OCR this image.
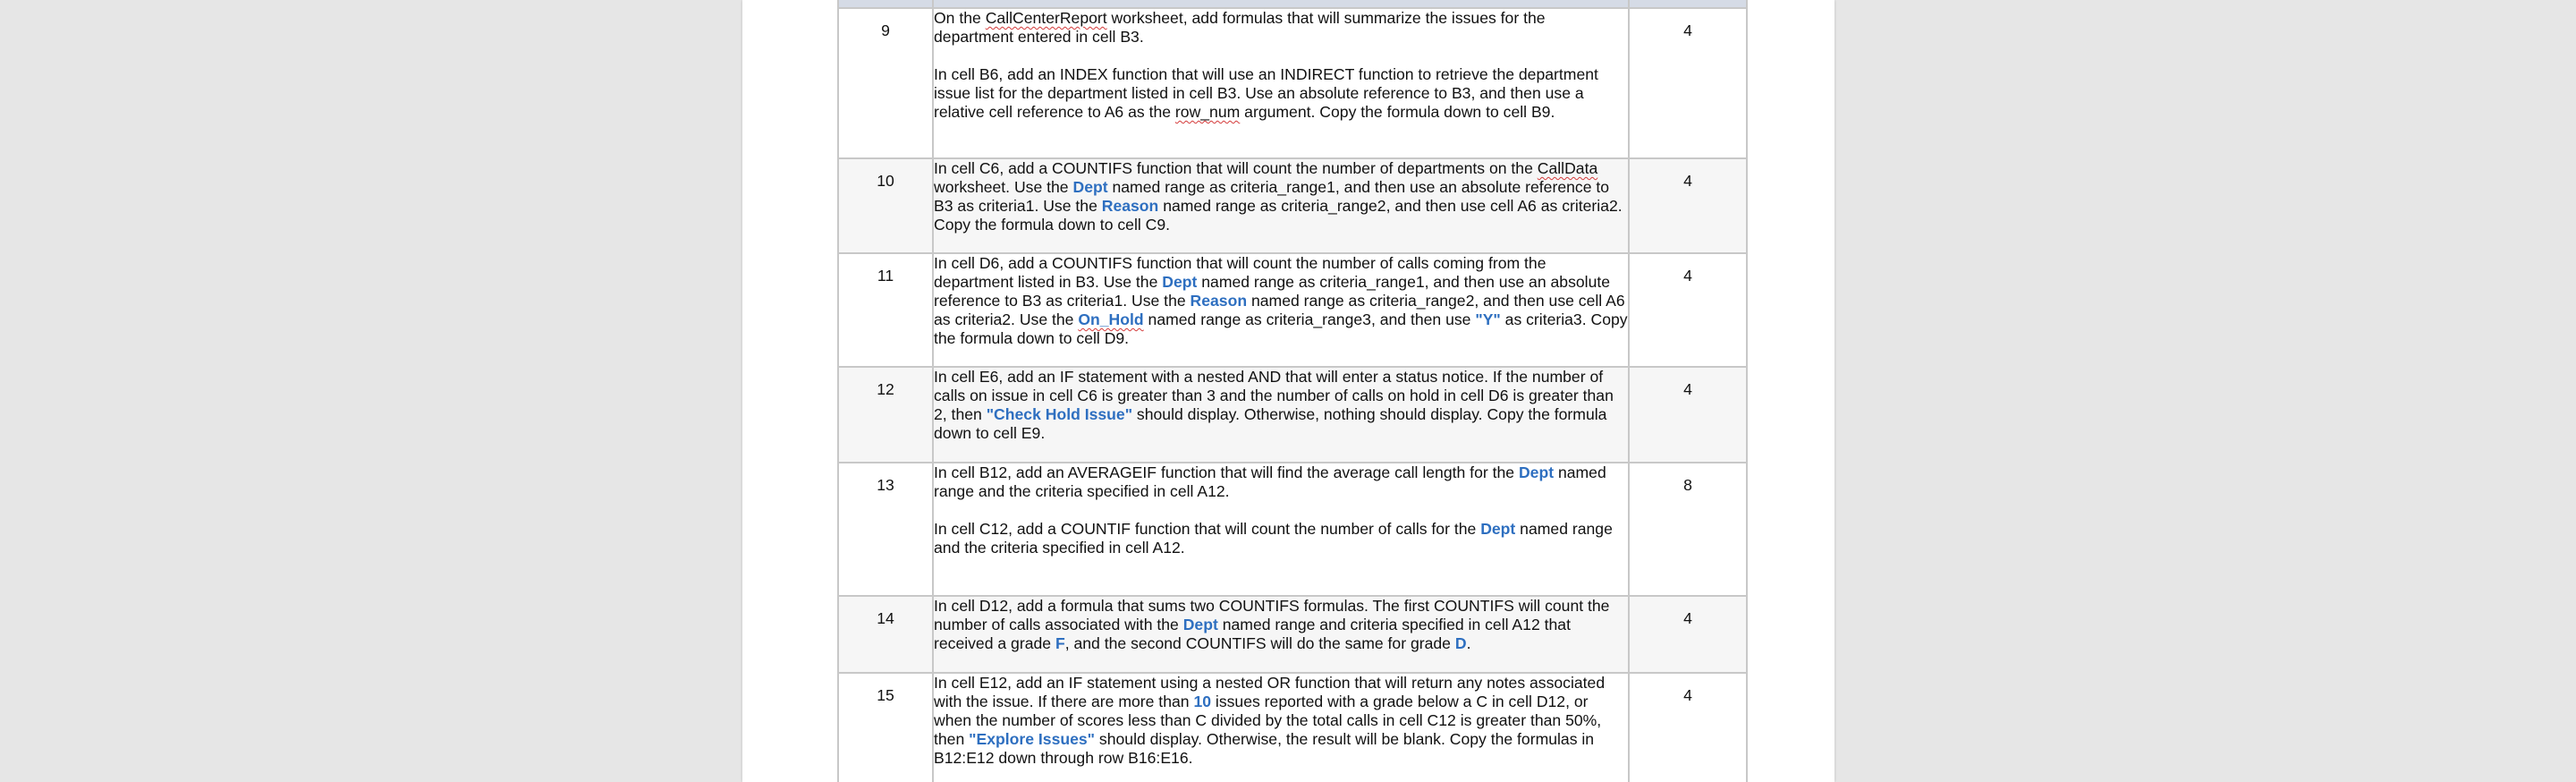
9	On the CallCenterReport worksheet, add formulas that will summarize the issues for the department entered in cell B3.

In cell B6, add an INDEX function that will use an INDIRECT function to retrieve the department issue list for the department listed in cell B3. Use an absolute reference to B3, and then use a relative cell reference to A6 as the row_num argument. Copy the formula down to cell B9.	4

10	In cell C6, add a COUNTIFS function that will count the number of departments on the CallData worksheet. Use the Dept named range as criteria_range1, and then use an absolute reference to B3 as criteria1. Use the Reason named range as criteria_range2, and then use cell A6 as criteria2. Copy the formula down to cell C9.	4

11	In cell D6, add a COUNTIFS function that will count the number of calls coming from the department listed in B3. Use the Dept named range as criteria_range1, and then use an absolute reference to B3 as criteria1. Use the Reason named range as criteria_range2, and then use cell A6 as criteria2. Use the On_Hold named range as criteria_range3, and then use "Y" as criteria3. Copy the formula down to cell D9.	4

12	In cell E6, add an IF statement with a nested AND that will enter a status notice. If the number of calls on issue in cell C6 is greater than 3 and the number of calls on hold in cell D6 is greater than 2, then "Check Hold Issue" should display. Otherwise, nothing should display. Copy the formula down to cell E9.	4

13	In cell B12, add an AVERAGEIF function that will find the average call length for the Dept named range and the criteria specified in cell A12.

In cell C12, add a COUNTIF function that will count the number of calls for the Dept named range and the criteria specified in cell A12.	8

14	In cell D12, add a formula that sums two COUNTIFS formulas. The first COUNTIFS will count the number of calls associated with the Dept named range and criteria specified in cell A12 that received a grade F, and the second COUNTIFS will do the same for grade D.	4

15	In cell E12, add an IF statement using a nested OR function that will return any notes associated with the issue. If there are more than 10 issues reported with a grade below a C in cell D12, or when the number of scores less than C divided by the total calls in cell C12 is greater than 50%, then "Explore Issues" should display. Otherwise, the result will be blank. Copy the formulas in B12:E12 down through row B16:E16.	4
